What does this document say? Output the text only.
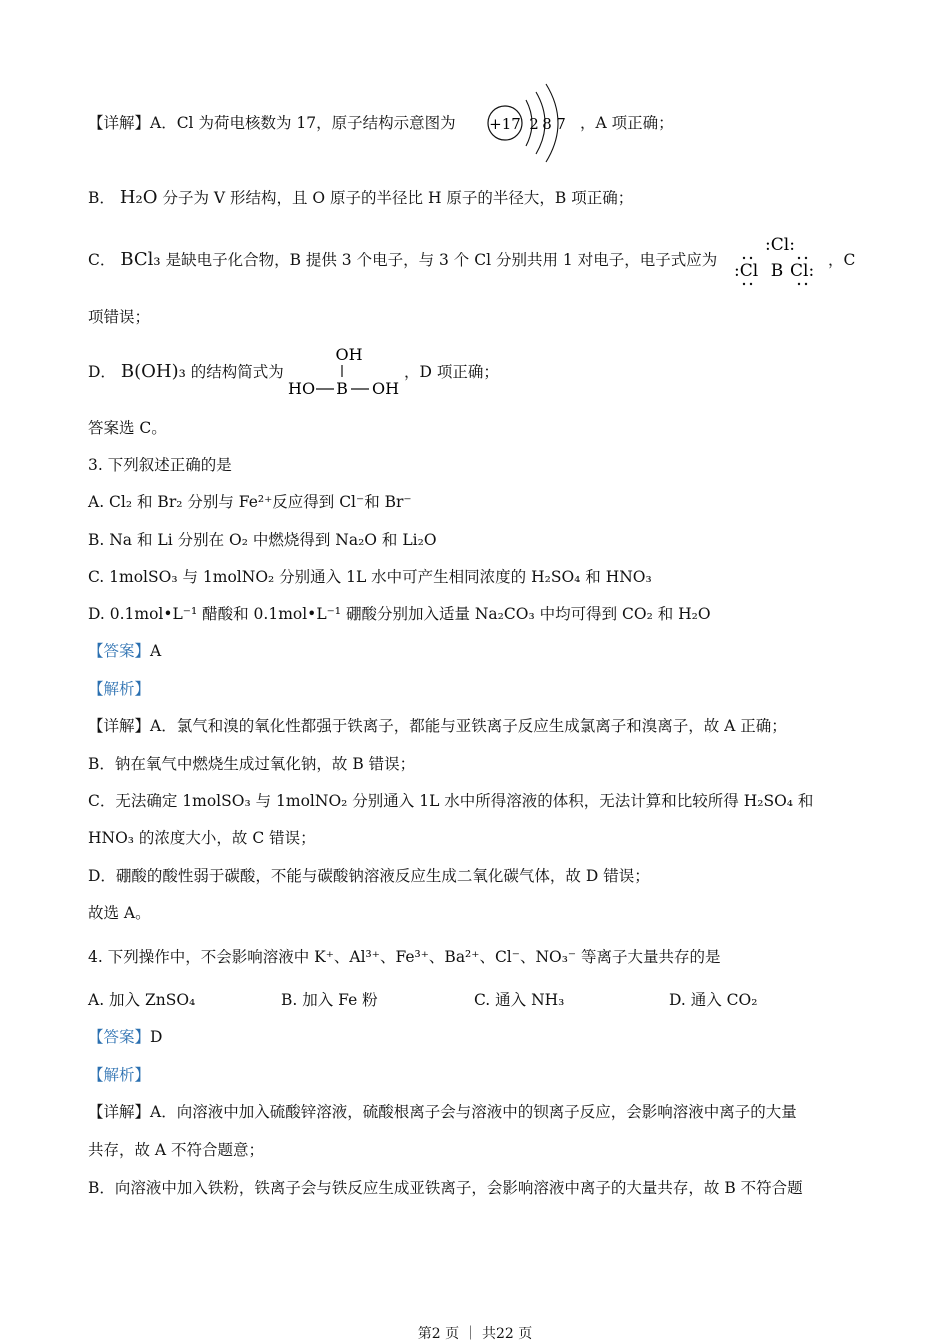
【详解】A．Cl 为荷电核数为 17，原子结构示意图为 +17 2 8 7 ，A 项正确；
B． H₂O 分子为 V 形结构，且 O 原子的半径比 H 原子的半径大，B 项正确；
C． BCl₃ 是缺电子化合物，B 提供 3 个电子，与 3 个 Cl 分别共用 1 对电子，电子式应为
:Cl:
:Cl B Cl:
，C
项错误；
D． B(OH)₃ 的结构简式为
OH
HO B OH
，D 项正确；
答案选 C。
3. 下列叙述正确的是
A. Cl₂ 和 Br₂ 分别与 Fe²⁺反应得到 Cl⁻和 Br⁻
B. Na 和 Li 分别在 O₂ 中燃烧得到 Na₂O 和 Li₂O
C. 1molSO₃ 与 1molNO₂ 分别通入 1L 水中可产生相同浓度的 H₂SO₄ 和 HNO₃
D. 0.1mol•L⁻¹ 醋酸和 0.1mol•L⁻¹ 硼酸分别加入适量 Na₂CO₃ 中均可得到 CO₂ 和 H₂O
【答案】A
【解析】
【详解】A．氯气和溴的氧化性都强于铁离子，都能与亚铁离子反应生成氯离子和溴离子，故 A 正确；
B．钠在氧气中燃烧生成过氧化钠，故 B 错误；
C．无法确定 1molSO₃ 与 1molNO₂ 分别通入 1L 水中所得溶液的体积，无法计算和比较所得 H₂SO₄ 和
HNO₃ 的浓度大小，故 C 错误；
D．硼酸的酸性弱于碳酸，不能与碳酸钠溶液反应生成二氧化碳气体，故 D 错误；
故选 A。
4. 下列操作中，不会影响溶液中 K⁺、Al³⁺、Fe³⁺、Ba²⁺、Cl⁻、NO₃⁻ 等离子大量共存的是
A. 加入 ZnSO₄	B. 加入 Fe 粉	C. 通入 NH₃	D. 通入 CO₂
【答案】D
【解析】
【详解】A．向溶液中加入硫酸锌溶液，硫酸根离子会与溶液中的钡离子反应，会影响溶液中离子的大量
共存，故 A 不符合题意；
B．向溶液中加入铁粉，铁离子会与铁反应生成亚铁离子，会影响溶液中离子的大量共存，故 B 不符合题
第2 页 ｜ 共22 页
